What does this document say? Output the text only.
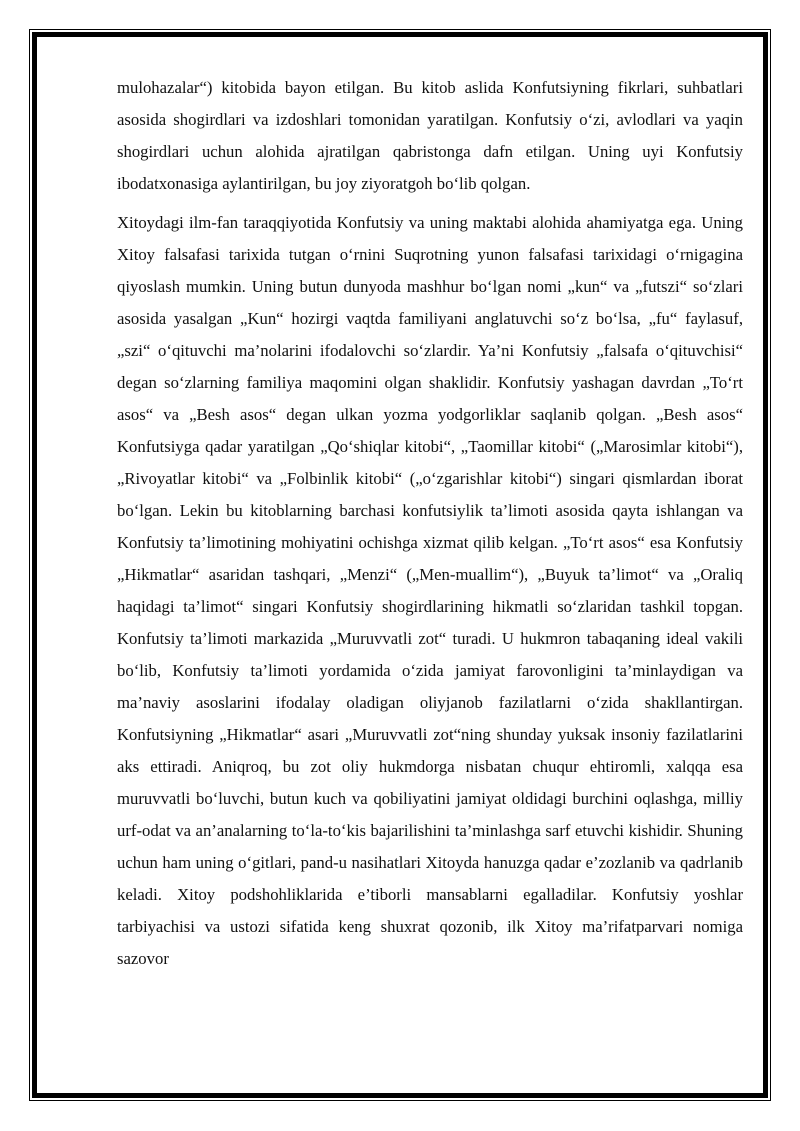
mulohazalar“) kitobida bayon etilgan. Bu kitob aslida Konfutsiyning fikrlari, suhbatlari asosida shogirdlari va izdoshlari tomonidan yaratilgan. Konfutsiy o‘zi, avlodlari va yaqin shogirdlari uchun alohida ajratilgan qabristonga dafn etilgan. Uning uyi Konfutsiy ibodatxonasiga aylantirilgan, bu joy ziyoratgoh bo‘lib qolgan.

Xitoydagi ilm-fan taraqqiyotida Konfutsiy va uning maktabi alohida ahamiyatga ega. Uning Xitoy falsafasi tarixida tutgan o‘rnini Suqrotning yunon falsafasi tarixidagi o‘rnigagina qiyoslash mumkin. Uning butun dunyoda mashhur bo‘lgan nomi „kun“ va „futszi“ so‘zlari asosida yasalgan „Kun“ hozirgi vaqtda familiyani anglatuvchi so‘z bo‘lsa, „fu“ faylasuf, „szi“ o‘qituvchi ma’nolarini ifodalovchi so‘zlardir. Ya’ni Konfutsiy „falsafa o‘qituvchisi“ degan so‘zlarning familiya maqomini olgan shaklidir. Konfutsiy yashagan davrdan „To‘rt asos“ va „Besh asos“ degan ulkan yozma yodgorliklar saqlanib qolgan. „Besh asos“ Konfutsiyga qadar yaratilgan „Qo‘shiqlar kitobi“, „Taomillar kitobi“ („Marosimlar kitobi“), „Rivoyatlar kitobi“ va „Folbinlik kitobi“ („o‘zgarishlar kitobi“) singari qismlardan iborat bo‘lgan. Lekin bu kitoblarning barchasi konfutsiylik ta’limoti asosida qayta ishlangan va Konfutsiy ta’limotining mohiyatini ochishga xizmat qilib kelgan. „To‘rt asos“ esa Konfutsiy „Hikmatlar“ asaridan tashqari, „Menzi“ („Men-muallim“), „Buyuk ta’limot“ va „Oraliq haqidagi ta’limot“ singari Konfutsiy shogirdlarining hikmatli so‘zlaridan tashkil topgan. Konfutsiy ta’limoti markazida „Muruvvatli zot“ turadi. U hukmron tabaqaning ideal vakili bo‘lib, Konfutsiy ta’limoti yordamida o‘zida jamiyat farovonligini ta’minlaydigan va ma’naviy asoslarini ifodalay oladigan oliyjanob fazilatlarni o‘zida shakllantirgan. Konfutsiyning „Hikmatlar“ asari „Muruvvatli zot“ning shunday yuksak insoniy fazilatlarini aks ettiradi. Aniqroq, bu zot oliy hukmdorga nisbatan chuqur ehtiromli, xalqqa esa muruvvatli bo‘luvchi, butun kuch va qobiliyatini jamiyat oldidagi burchini oqlashga, milliy urf-odat va an’analarning to‘la-to‘kis bajarilishini ta’minlashga sarf etuvchi kishidir. Shuning uchun ham uning o‘gitlari, pand-u nasihatlari Xitoyda hanuzga qadar e’zozlanib va qadrlanib keladi. Xitoy podshohliklarida e’tiborli mansablarni egalladilar. Konfutsiy yoshlar tarbiyachisi va ustozi sifatida keng shuxrat qozonib, ilk Xitoy ma’rifatparvari nomiga sazovor
